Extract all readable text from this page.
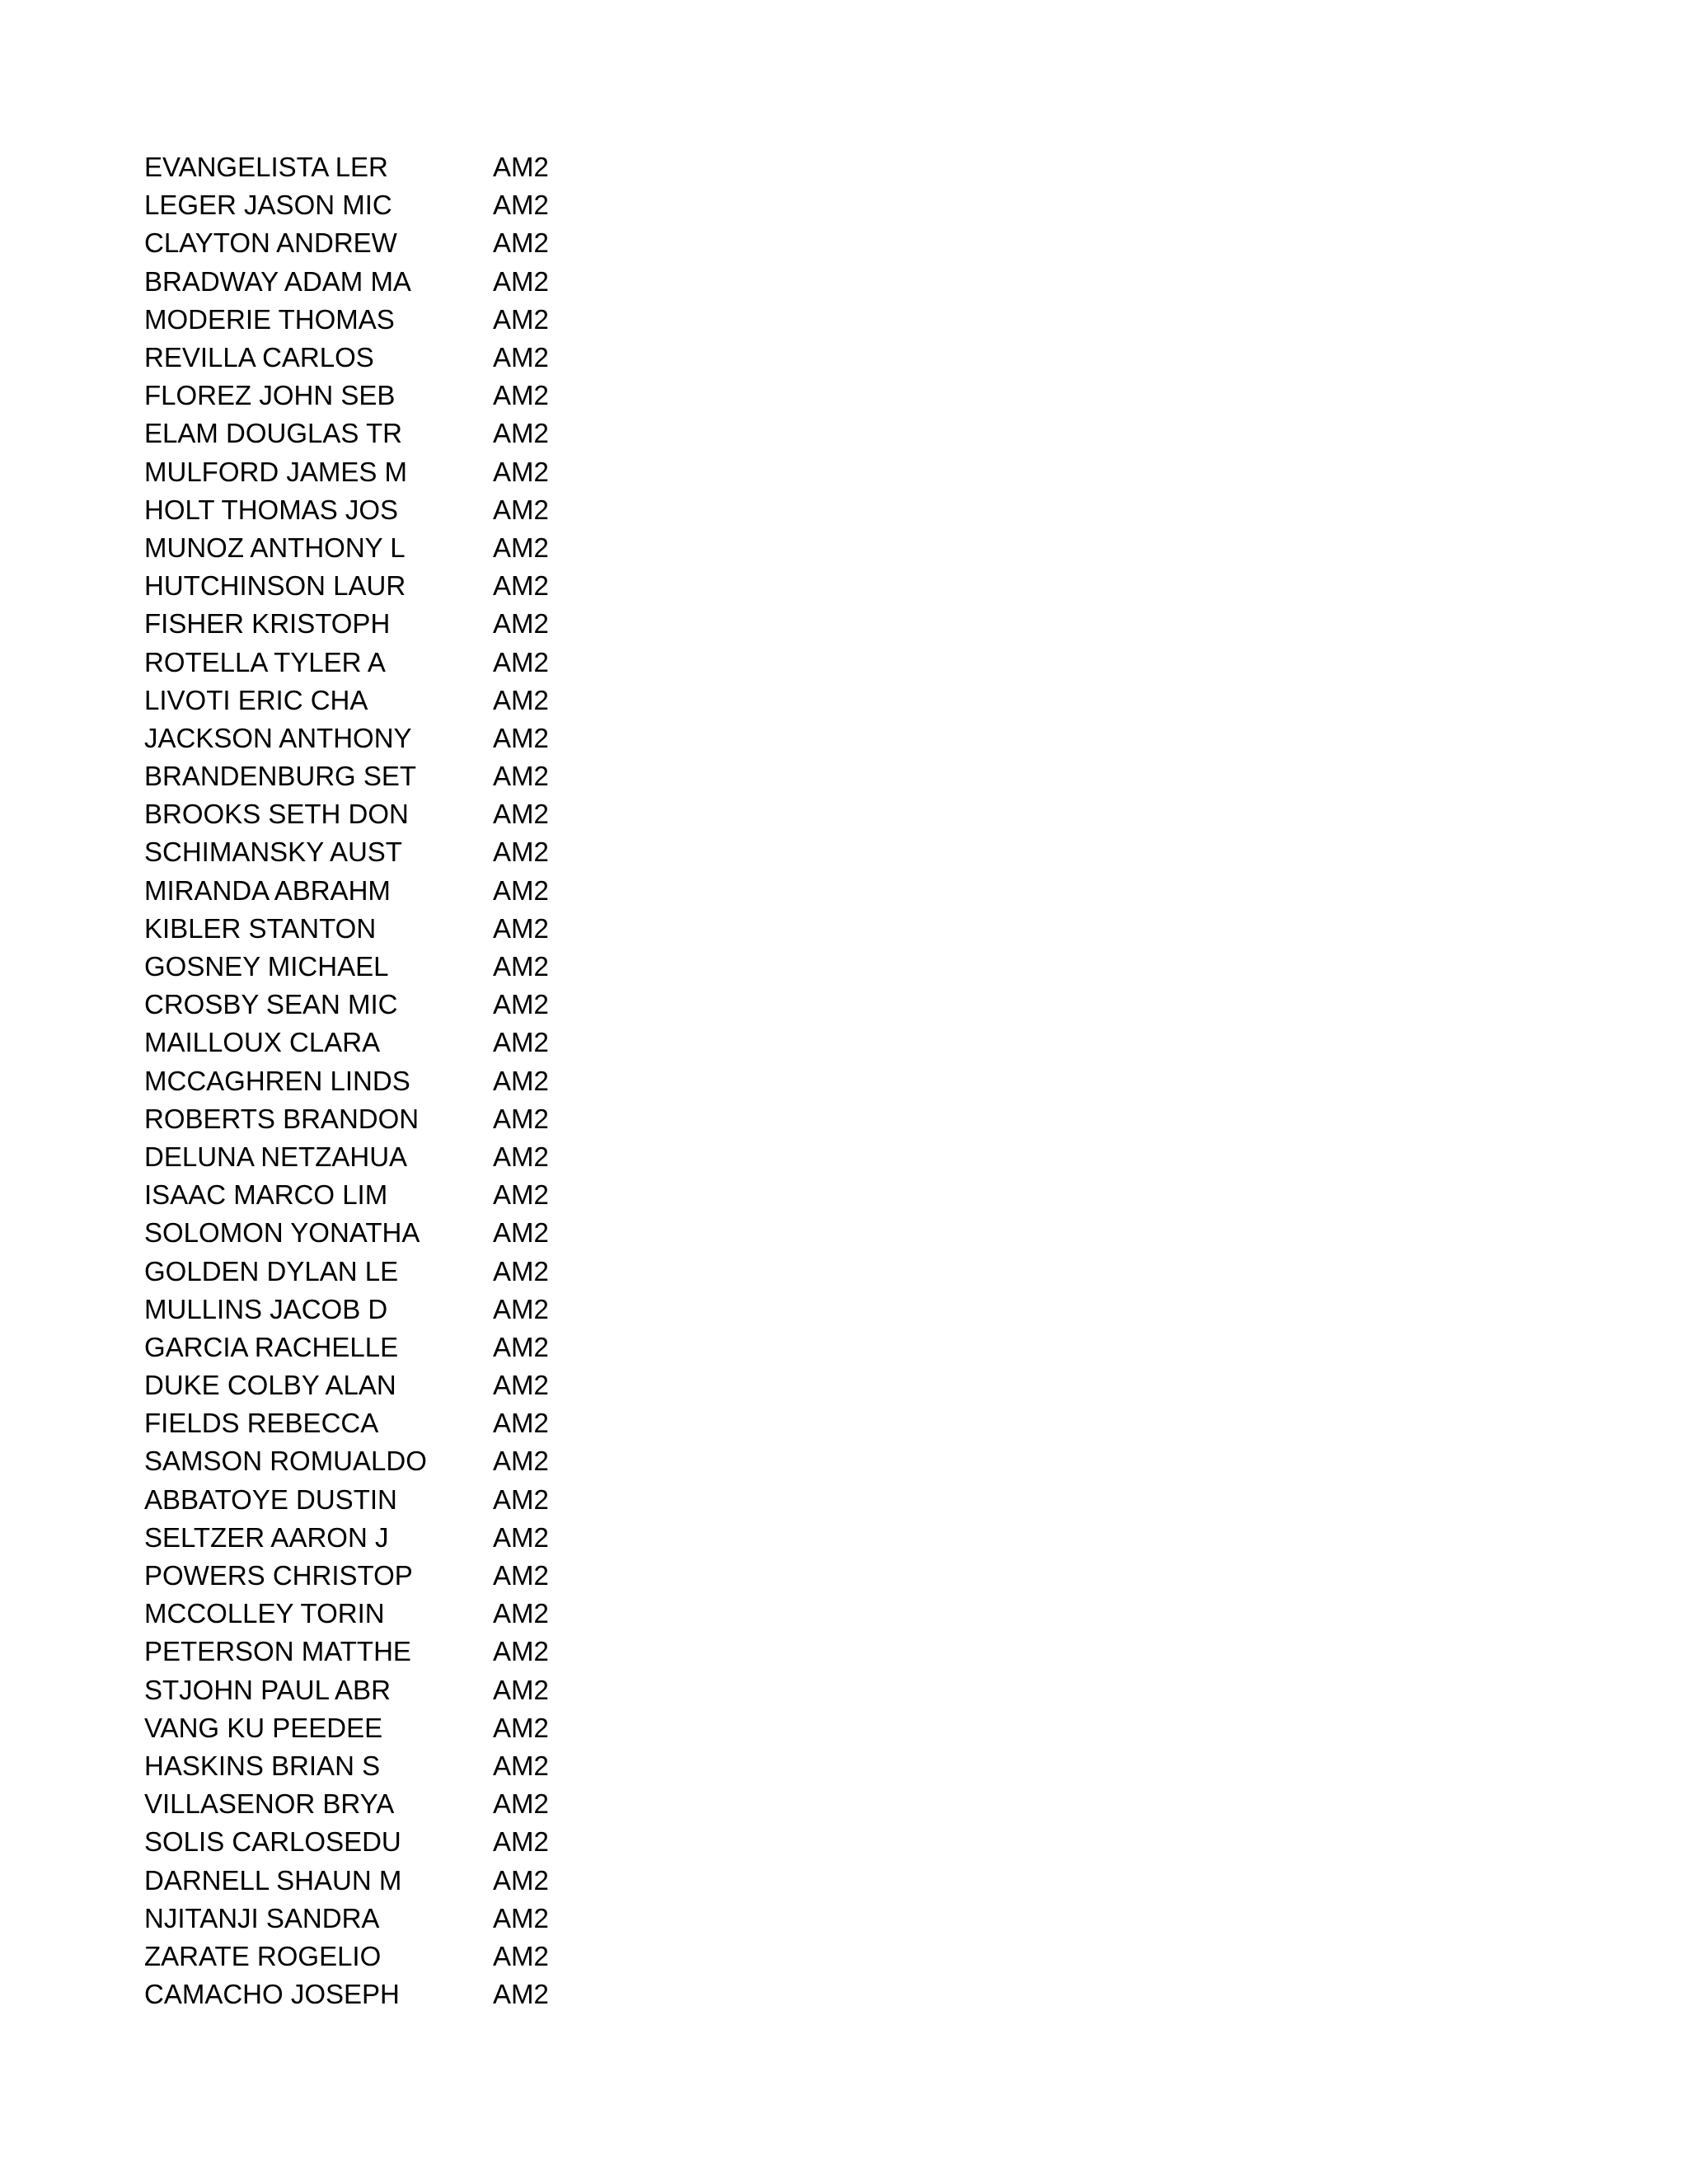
EVANGELISTA LER	AM2
LEGER JASON MIC	AM2
CLAYTON ANDREW	AM2
BRADWAY ADAM MA	AM2
MODERIE THOMAS	AM2
REVILLA CARLOS	AM2
FLOREZ JOHN SEB	AM2
ELAM DOUGLAS TR	AM2
MULFORD JAMES M	AM2
HOLT THOMAS JOS	AM2
MUNOZ ANTHONY L	AM2
HUTCHINSON LAUR	AM2
FISHER KRISTOPH	AM2
ROTELLA TYLER A	AM2
LIVOTI ERIC CHA	AM2
JACKSON ANTHONY	AM2
BRANDENBURG SET	AM2
BROOKS SETH DON	AM2
SCHIMANSKY AUST	AM2
MIRANDA ABRAHM	AM2
KIBLER STANTON	AM2
GOSNEY MICHAEL	AM2
CROSBY SEAN MIC	AM2
MAILLOUX CLARA	AM2
MCCAGHREN LINDS	AM2
ROBERTS BRANDON	AM2
DELUNA NETZAHUA	AM2
ISAAC MARCO LIM	AM2
SOLOMON YONATHA	AM2
GOLDEN DYLAN LE	AM2
MULLINS JACOB D	AM2
GARCIA RACHELLE	AM2
DUKE COLBY ALAN	AM2
FIELDS REBECCA	AM2
SAMSON ROMUALDO	AM2
ABBATOYE DUSTIN	AM2
SELTZER AARON J	AM2
POWERS CHRISTOP	AM2
MCCOLLEY TORIN	AM2
PETERSON MATTHE	AM2
STJOHN PAUL ABR	AM2
VANG KU PEEDEE	AM2
HASKINS BRIAN S	AM2
VILLASENOR BRYA	AM2
SOLIS CARLOSEDU	AM2
DARNELL SHAUN M	AM2
NJITANJI SANDRA	AM2
ZARATE ROGELIO	AM2
CAMACHO JOSEPH	AM2
